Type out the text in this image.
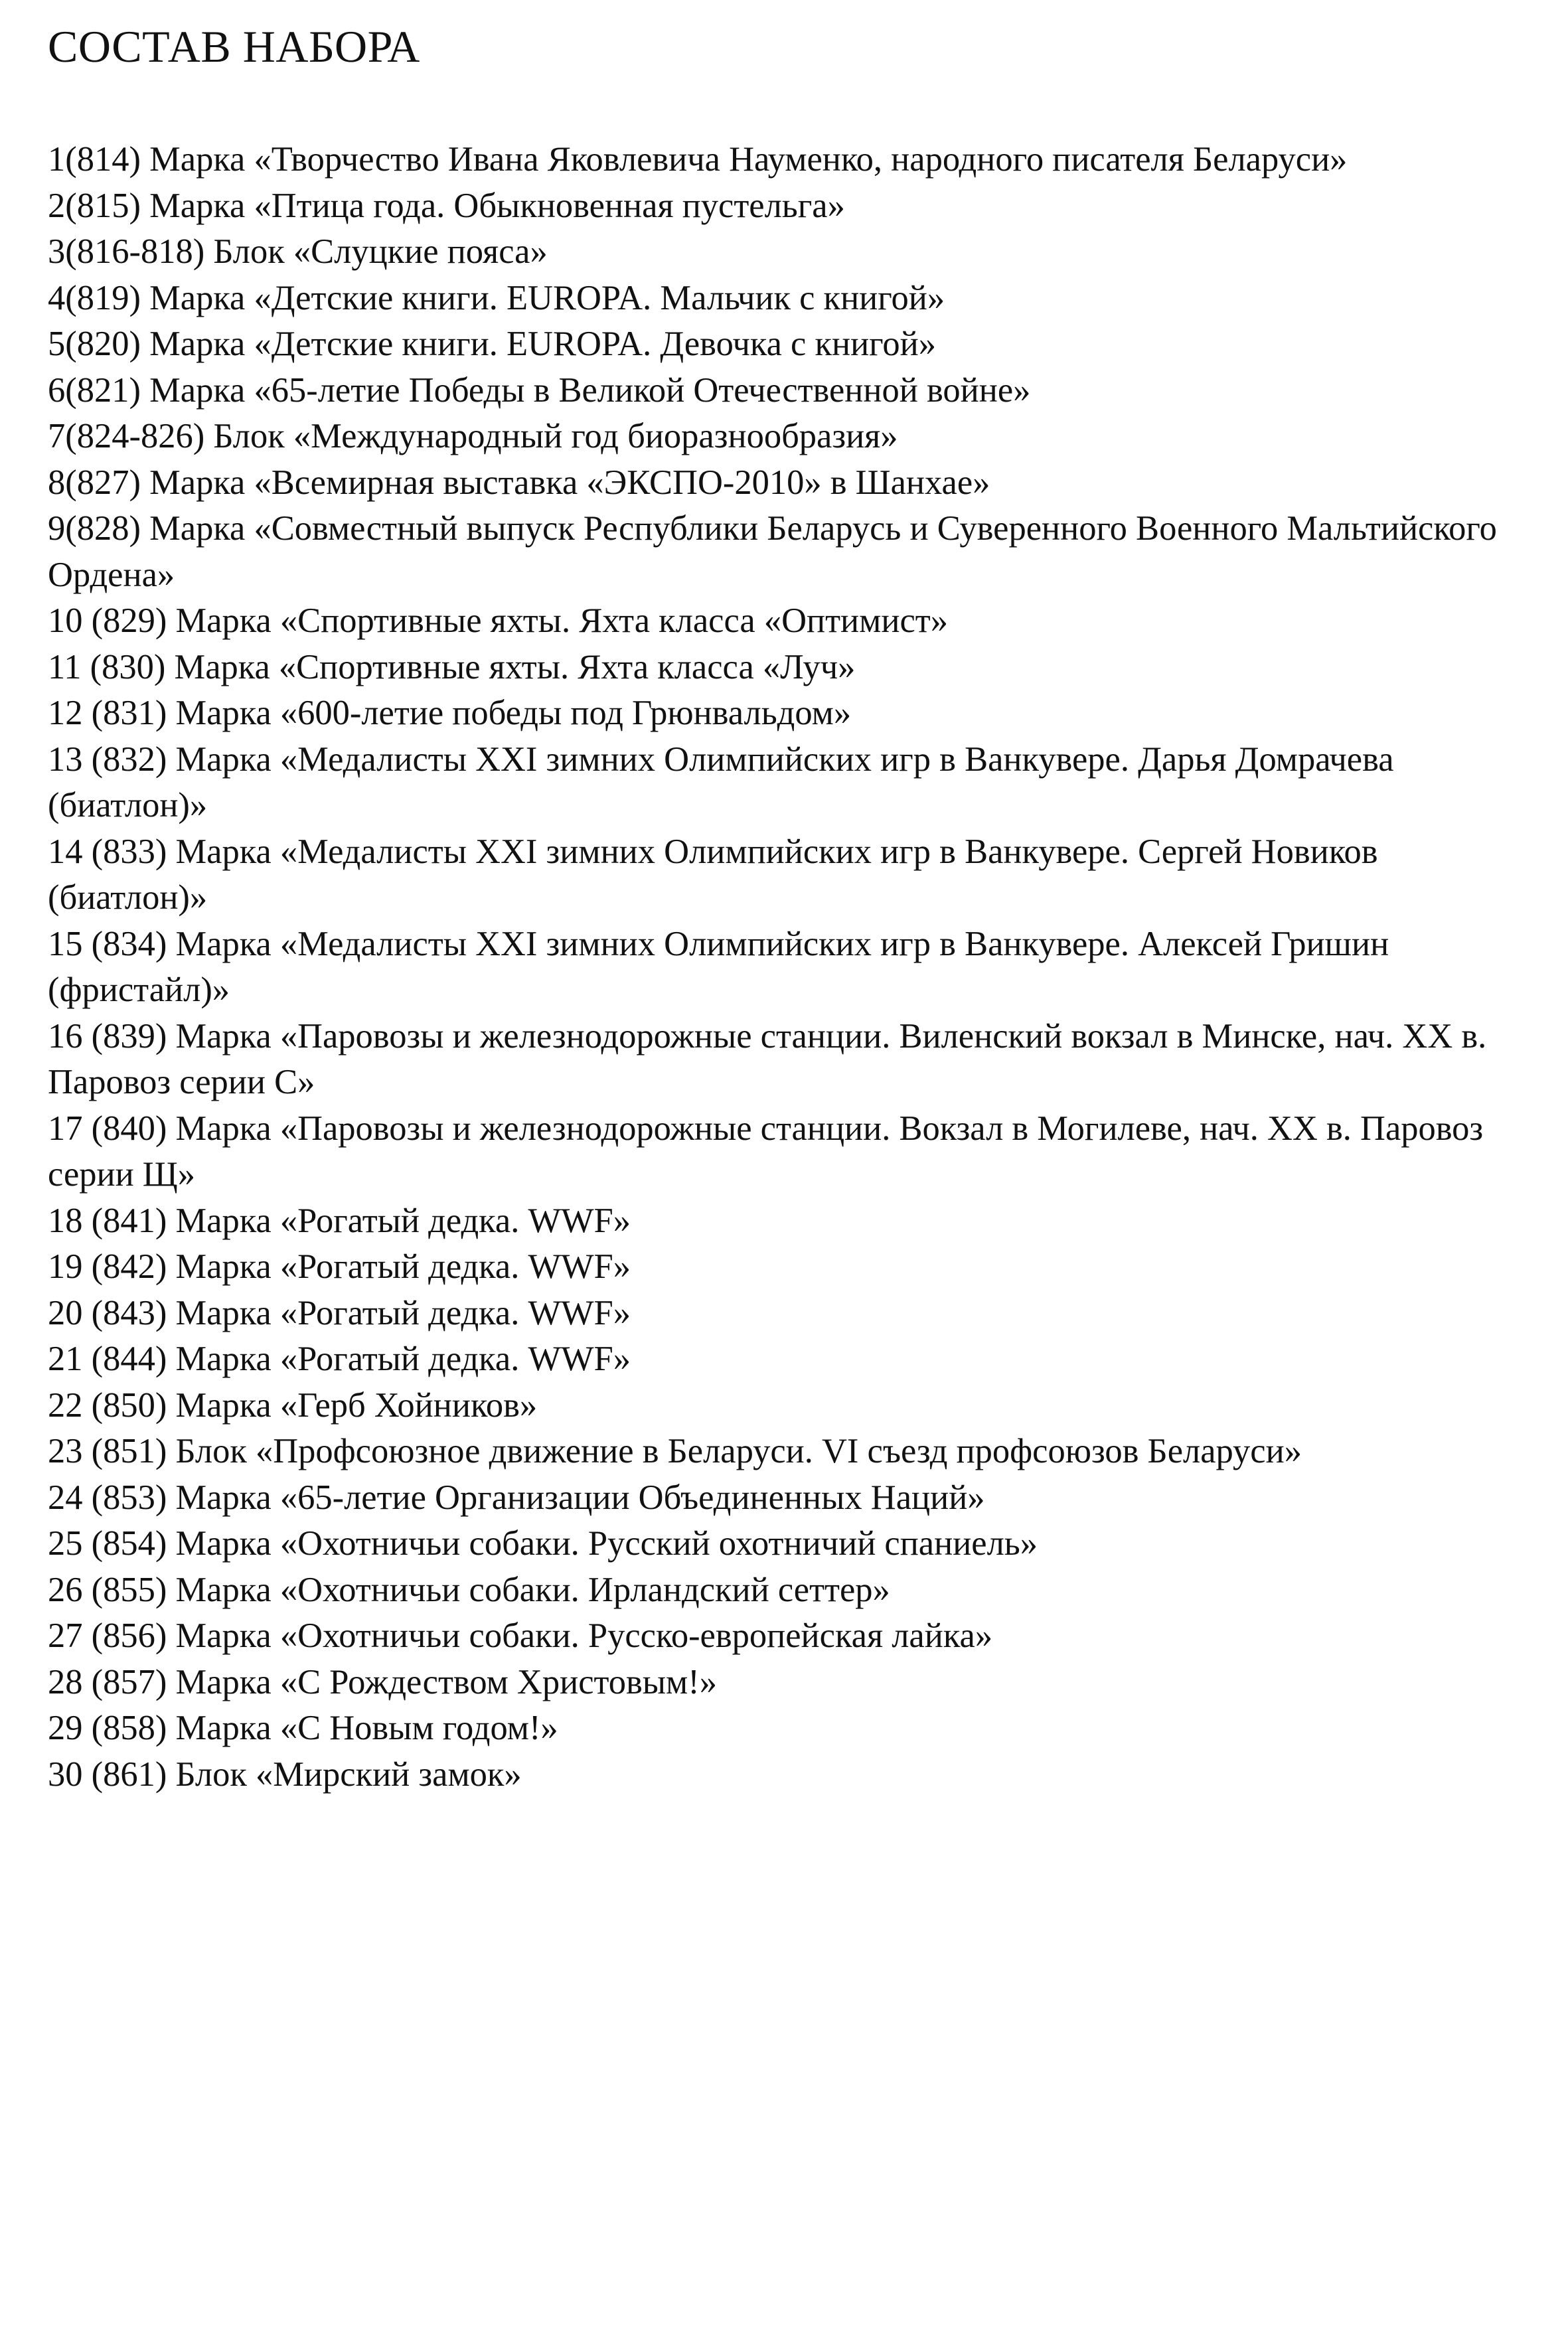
СОСТАВ НАБОРА
1(814) Марка «Творчество Ивана Яковлевича Науменко, народного писателя Беларуси»
2(815) Марка «Птица года. Обыкновенная пустельга»
3(816-818) Блок «Слуцкие пояса»
4(819) Марка «Детские книги. EUROPA. Мальчик с книгой»
5(820) Марка «Детские книги. EUROPA. Девочка с книгой»
6(821) Марка «65-летие Победы в Великой Отечественной войне»
7(824-826) Блок «Международный год биоразнообразия»
8(827) Марка «Всемирная выставка «ЭКСПО-2010» в Шанхае»
9(828) Марка «Совместный выпуск Республики Беларусь и Суверенного Военного Мальтийского Ордена»
10 (829) Марка «Спортивные яхты. Яхта класса «Оптимист»
11 (830) Марка «Спортивные яхты. Яхта класса «Луч»
12 (831) Марка «600-летие победы под Грюнвальдом»
13 (832) Марка «Медалисты XXI зимних Олимпийских игр в Ванкувере. Дарья Домрачева (биатлон)»
14 (833) Марка «Медалисты XXI зимних Олимпийских игр в Ванкувере. Сергей Новиков (биатлон)»
15 (834) Марка «Медалисты XXI зимних Олимпийских игр в Ванкувере. Алексей Гришин (фристайл)»
16 (839) Марка «Паровозы и железнодорожные станции. Виленский вокзал в Минске, нач. XX в. Паровоз серии С»
17 (840) Марка «Паровозы и железнодорожные станции. Вокзал в Могилеве, нач. XX в. Паровоз серии Щ»
18 (841) Марка «Рогатый дедка. WWF»
19 (842) Марка «Рогатый дедка. WWF»
20 (843) Марка «Рогатый дедка. WWF»
21 (844) Марка «Рогатый дедка. WWF»
22 (850) Марка «Герб Хойников»
23 (851) Блок «Профсоюзное движение в Беларуси. VI съезд профсоюзов Беларуси»
24 (853) Марка «65-летие Организации Объединенных Наций»
25 (854) Марка «Охотничьи собаки. Русский охотничий спаниель»
26 (855) Марка «Охотничьи собаки. Ирландский сеттер»
27 (856) Марка «Охотничьи собаки. Русско-европейская лайка»
28 (857) Марка «С Рождеством Христовым!»
29 (858) Марка «С Новым годом!»
30 (861) Блок «Мирский замок»
